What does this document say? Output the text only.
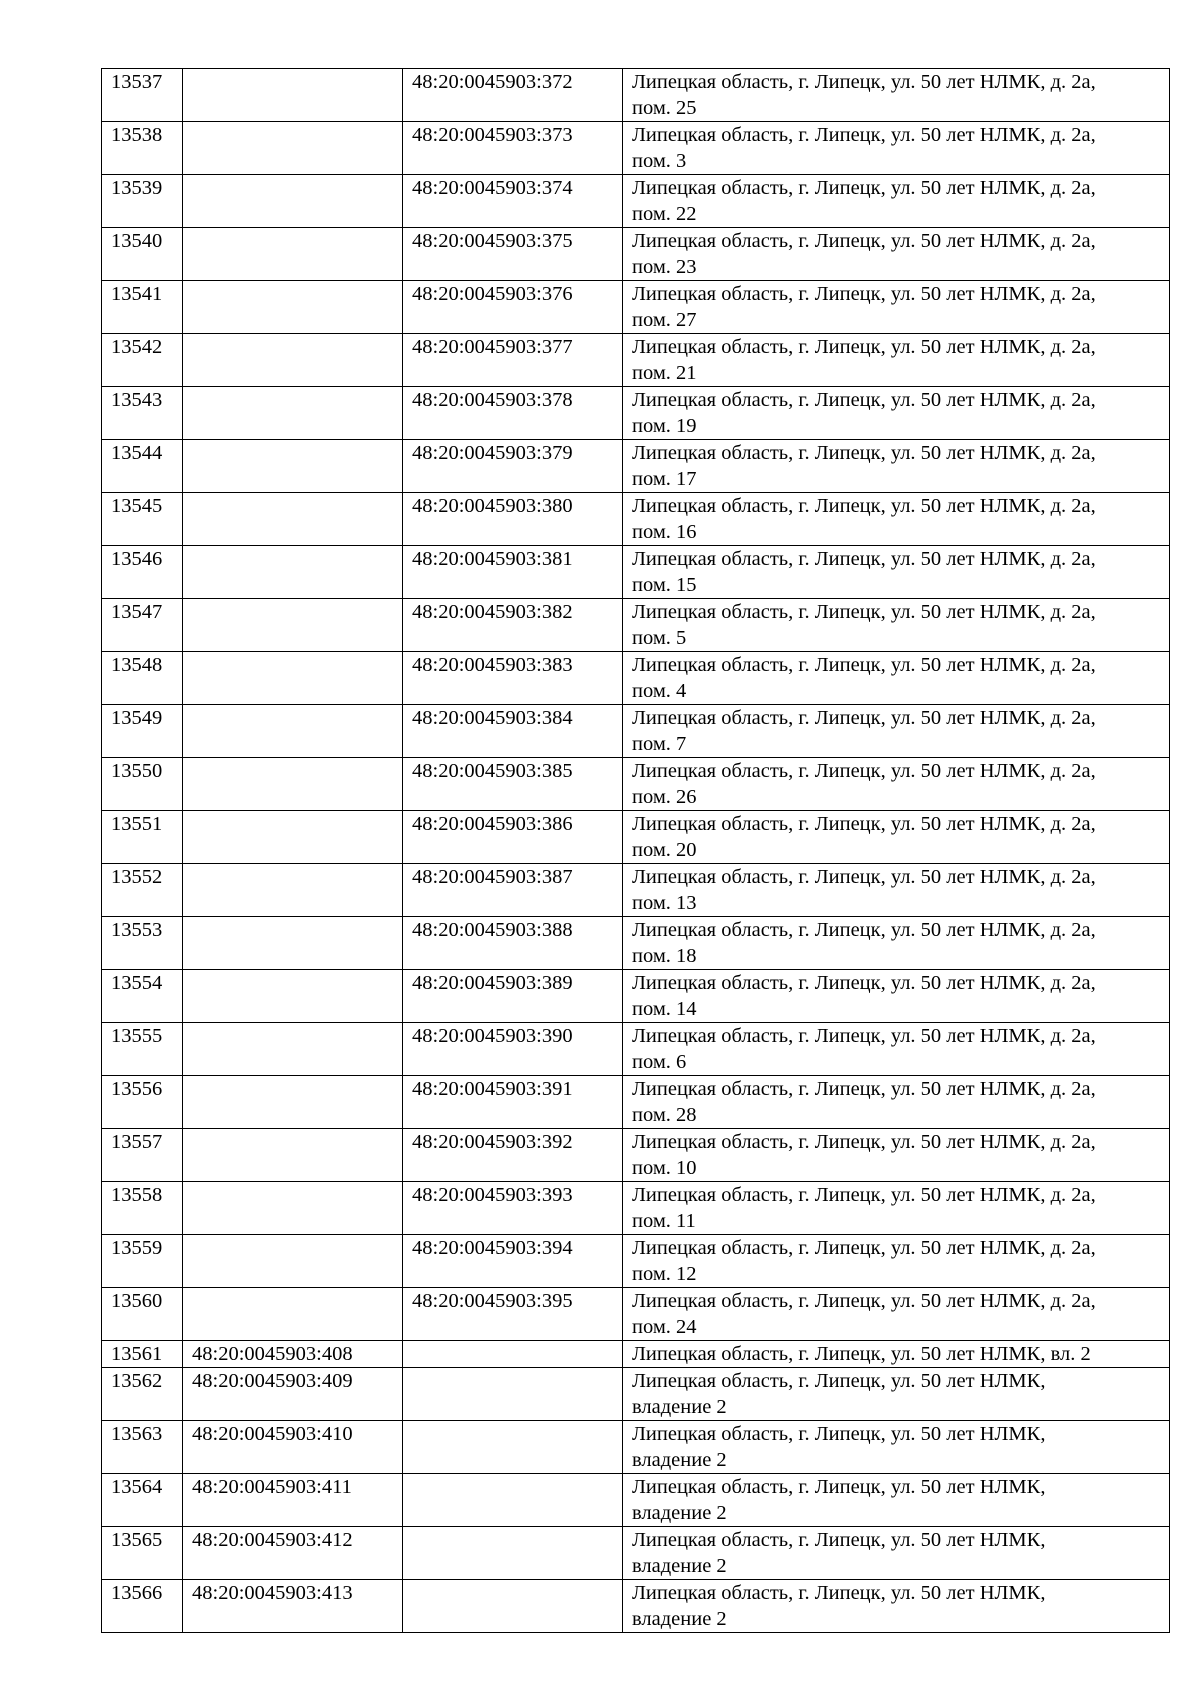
13537		48:20:0045903:372	Липецкая область, г. Липецк, ул. 50 лет НЛМК, д. 2а,
пом. 25

13538		48:20:0045903:373	Липецкая область, г. Липецк, ул. 50 лет НЛМК, д. 2а,
пом. 3

13539		48:20:0045903:374	Липецкая область, г. Липецк, ул. 50 лет НЛМК, д. 2а,
пом. 22

13540		48:20:0045903:375	Липецкая область, г. Липецк, ул. 50 лет НЛМК, д. 2а,
пом. 23

13541		48:20:0045903:376	Липецкая область, г. Липецк, ул. 50 лет НЛМК, д. 2а,
пом. 27

13542		48:20:0045903:377	Липецкая область, г. Липецк, ул. 50 лет НЛМК, д. 2а,
пом. 21

13543		48:20:0045903:378	Липецкая область, г. Липецк, ул. 50 лет НЛМК, д. 2а,
пом. 19

13544		48:20:0045903:379	Липецкая область, г. Липецк, ул. 50 лет НЛМК, д. 2а,
пом. 17

13545		48:20:0045903:380	Липецкая область, г. Липецк, ул. 50 лет НЛМК, д. 2а,
пом. 16

13546		48:20:0045903:381	Липецкая область, г. Липецк, ул. 50 лет НЛМК, д. 2а,
пом. 15

13547		48:20:0045903:382	Липецкая область, г. Липецк, ул. 50 лет НЛМК, д. 2а,
пом. 5

13548		48:20:0045903:383	Липецкая область, г. Липецк, ул. 50 лет НЛМК, д. 2а,
пом. 4

13549		48:20:0045903:384	Липецкая область, г. Липецк, ул. 50 лет НЛМК, д. 2а,
пом. 7

13550		48:20:0045903:385	Липецкая область, г. Липецк, ул. 50 лет НЛМК, д. 2а,
пом. 26

13551		48:20:0045903:386	Липецкая область, г. Липецк, ул. 50 лет НЛМК, д. 2а,
пом. 20

13552		48:20:0045903:387	Липецкая область, г. Липецк, ул. 50 лет НЛМК, д. 2а,
пом. 13

13553		48:20:0045903:388	Липецкая область, г. Липецк, ул. 50 лет НЛМК, д. 2а,
пом. 18

13554		48:20:0045903:389	Липецкая область, г. Липецк, ул. 50 лет НЛМК, д. 2а,
пом. 14

13555		48:20:0045903:390	Липецкая область, г. Липецк, ул. 50 лет НЛМК, д. 2а,
пом. 6

13556		48:20:0045903:391	Липецкая область, г. Липецк, ул. 50 лет НЛМК, д. 2а,
пом. 28

13557		48:20:0045903:392	Липецкая область, г. Липецк, ул. 50 лет НЛМК, д. 2а,
пом. 10

13558		48:20:0045903:393	Липецкая область, г. Липецк, ул. 50 лет НЛМК, д. 2а,
пом. 11

13559		48:20:0045903:394	Липецкая область, г. Липецк, ул. 50 лет НЛМК, д. 2а,
пом. 12

13560		48:20:0045903:395	Липецкая область, г. Липецк, ул. 50 лет НЛМК, д. 2а,
пом. 24

13561	48:20:0045903:408		Липецкая область, г. Липецк, ул. 50 лет НЛМК, вл. 2

13562	48:20:0045903:409		Липецкая область, г. Липецк, ул. 50 лет НЛМК,
владение 2

13563	48:20:0045903:410		Липецкая область, г. Липецк, ул. 50 лет НЛМК,
владение 2

13564	48:20:0045903:411		Липецкая область, г. Липецк, ул. 50 лет НЛМК,
владение 2

13565	48:20:0045903:412		Липецкая область, г. Липецк, ул. 50 лет НЛМК,
владение 2

13566	48:20:0045903:413		Липецкая область, г. Липецк, ул. 50 лет НЛМК,
владение 2
